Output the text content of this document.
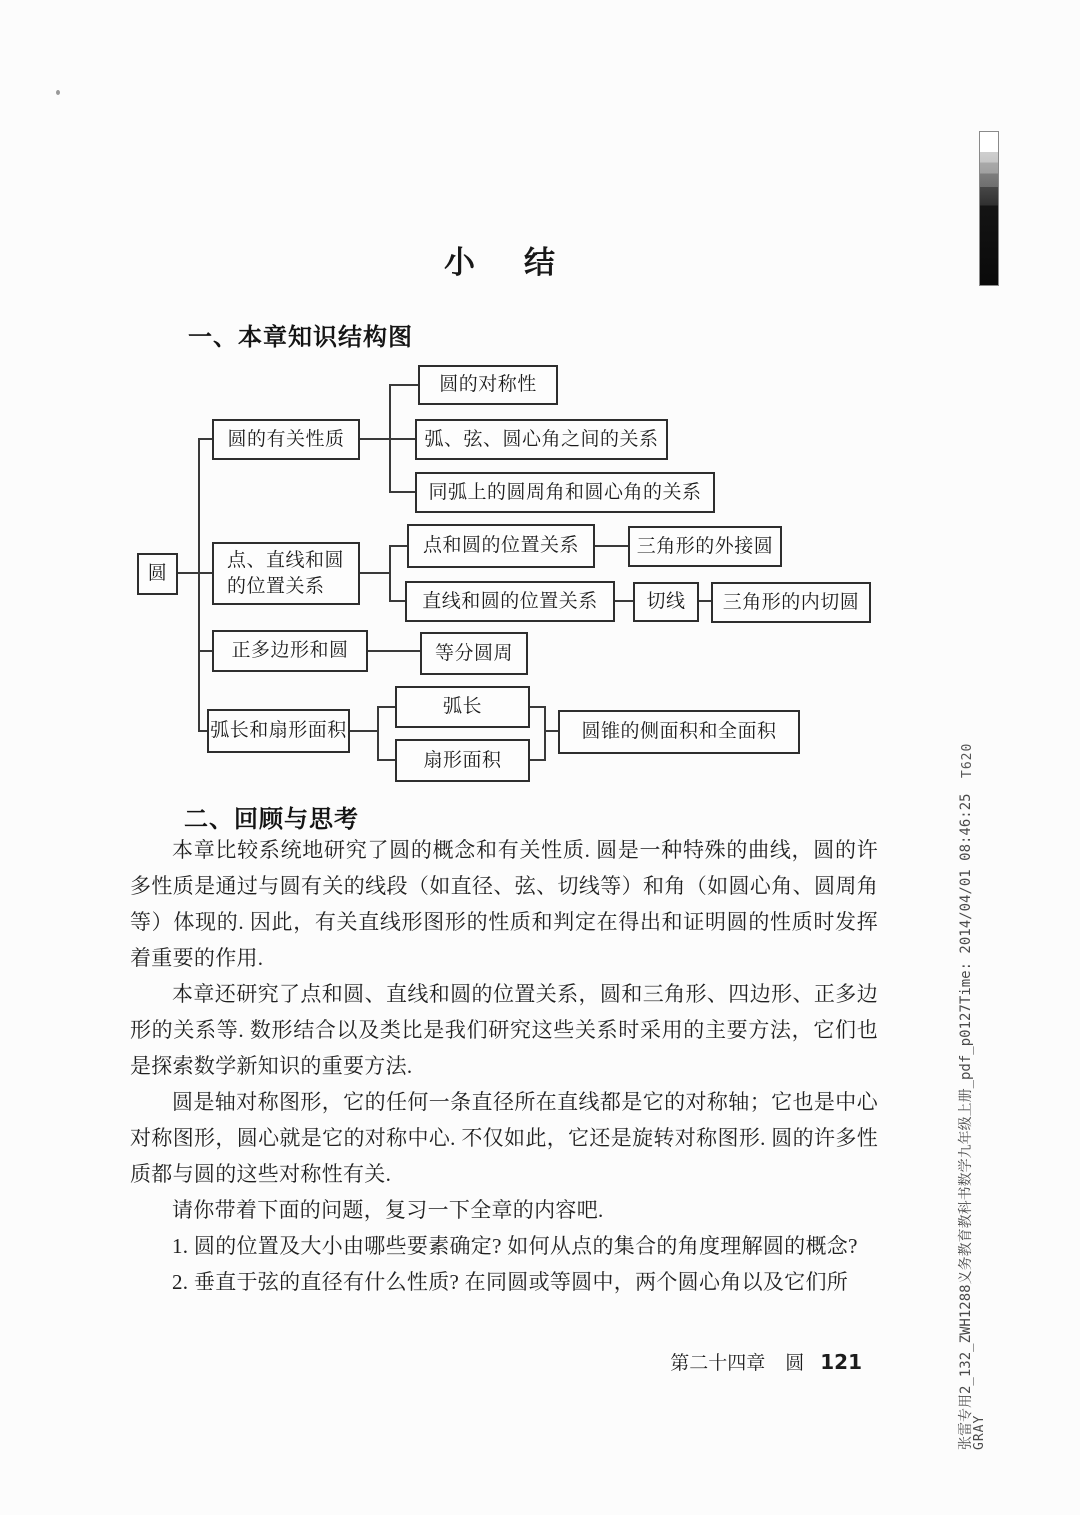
小　结
一、本章知识结构图
圆
圆的有关性质
圆的对称性
弧、弦、圆心角之间的关系
同弧上的圆周角和圆心角的关系
点、直线和圆的位置关系
点和圆的位置关系	三角形的外接圆
直线和圆的位置关系	切线	三角形的内切圆
正多边形和圆	等分圆周
弧长和扇形面积
弧长
扇形面积
圆锥的侧面积和全面积
二、回顾与思考

本章比较系统地研究了圆的概念和有关性质. 圆是一种特殊的曲线，圆的许多性质是通过与圆有关的线段（如直径、弦、切线等）和角（如圆心角、圆周角等）体现的. 因此，有关直线形图形的性质和判定在得出和证明圆的性质时发挥着重要的作用.

本章还研究了点和圆、直线和圆的位置关系，圆和三角形、四边形、正多边形的关系等. 数形结合以及类比是我们研究这些关系时采用的主要方法，它们也是探索数学新知识的重要方法.

圆是轴对称图形，它的任何一条直径所在直线都是它的对称轴；它也是中心对称图形，圆心就是它的对称中心. 不仅如此，它还是旋转对称图形. 圆的许多性质都与圆的这些对称性有关.

请你带着下面的问题，复习一下全章的内容吧.

1. 圆的位置及大小由哪些要素确定? 如何从点的集合的角度理解圆的概念?

2. 垂直于弦的直径有什么性质? 在同圆或等圆中，两个圆心角以及它们所

第二十四章 圆 121
T620
张雷专用2_132_ZWH1288义务教育教科书数学九年级上册_pdf_p0127Time: 2014/04/01 08:46:25
GRAY
